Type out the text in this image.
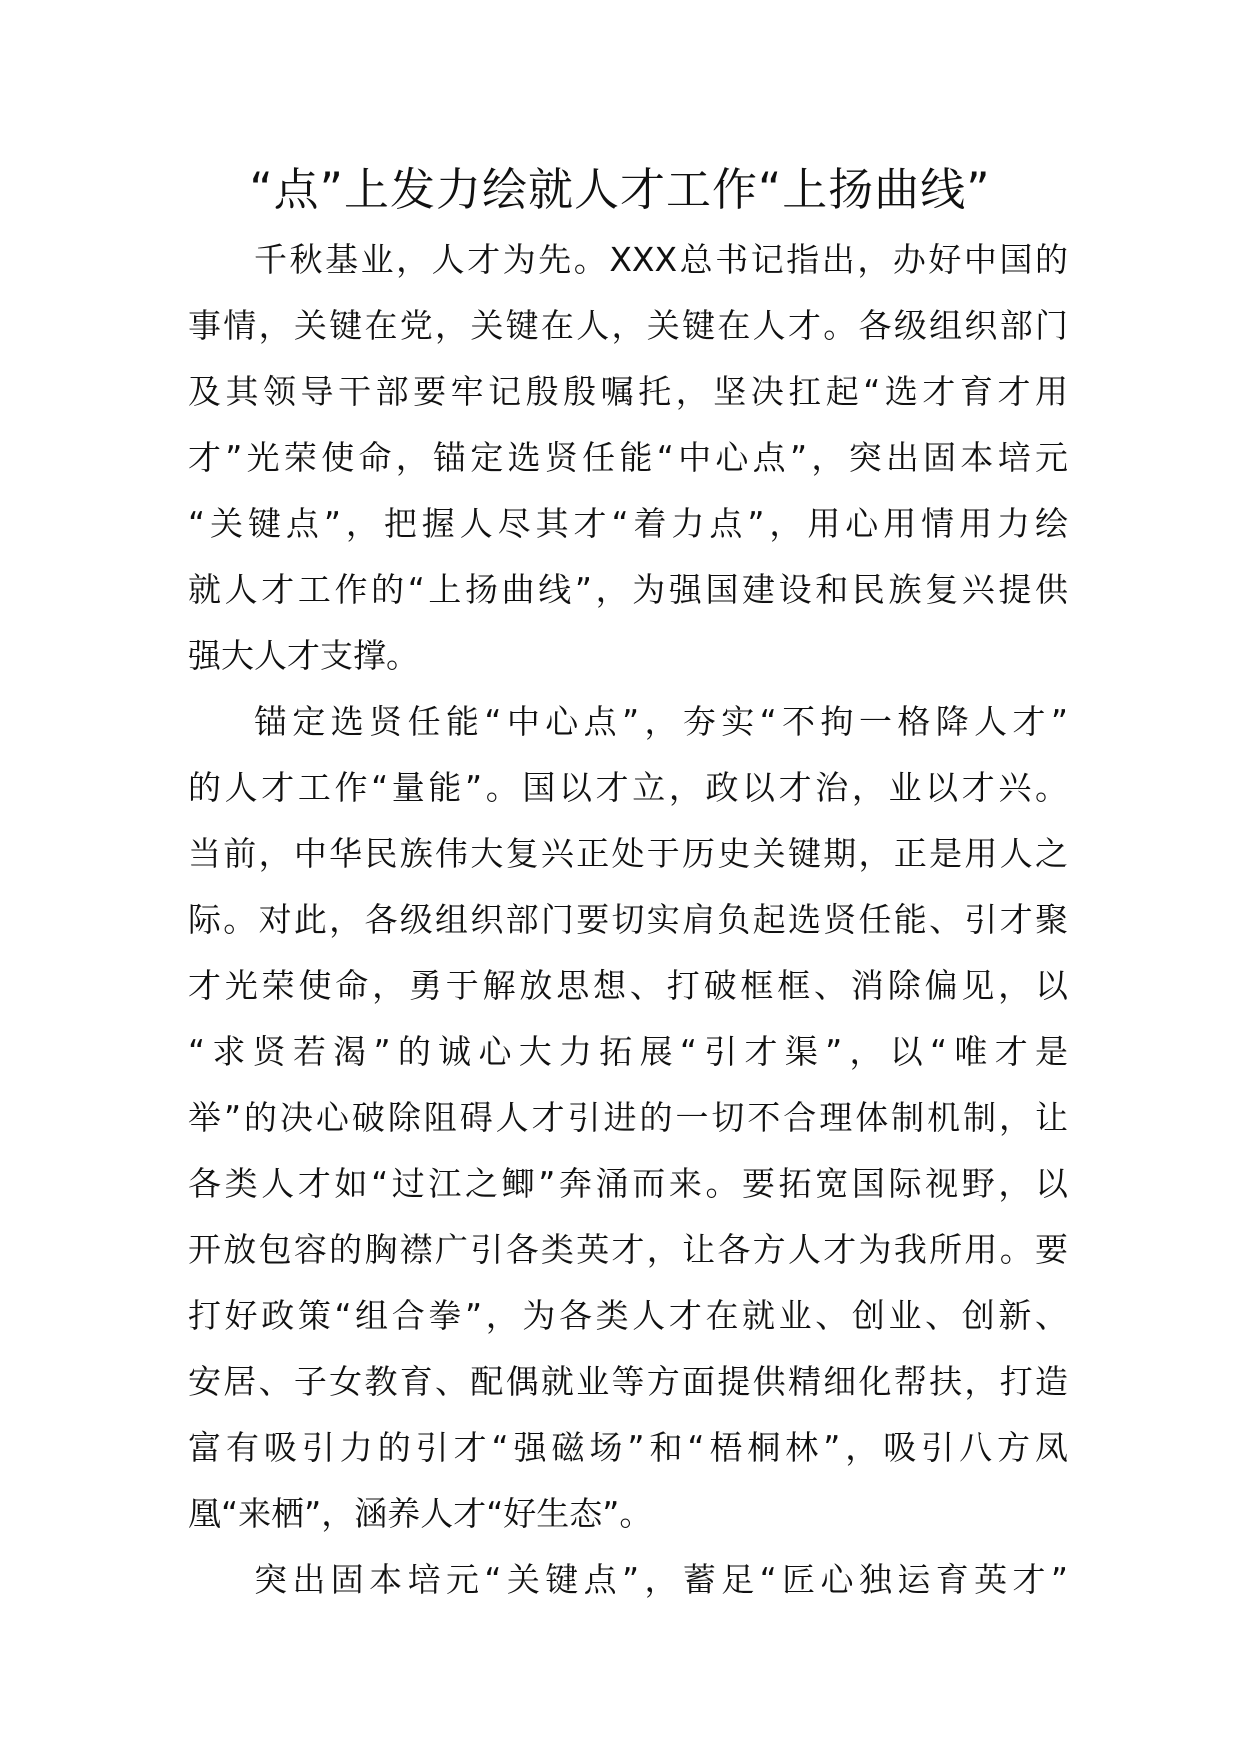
“点”上发力绘就人才工作“上扬曲线”
千秋基业，人才为先。XXX总书记指出，办好中国的
事情，关键在党，关键在人，关键在人才。各级组织部门
及其领导干部要牢记殷殷嘱托，坚决扛起“选才育才用
才”光荣使命，锚定选贤任能“中心点”，突出固本培元
“关键点”，把握人尽其才“着力点”，用心用情用力绘
就人才工作的“上扬曲线”，为强国建设和民族复兴提供
强大人才支撑。
锚定选贤任能“中心点”，夯实“不拘一格降人才”
的人才工作“量能”。国以才立，政以才治，业以才兴。
当前，中华民族伟大复兴正处于历史关键期，正是用人之
际。对此，各级组织部门要切实肩负起选贤任能、引才聚
才光荣使命，勇于解放思想、打破框框、消除偏见，以
“求贤若渴”的诚心大力拓展“引才渠”，以“唯才是
举”的决心破除阻碍人才引进的一切不合理体制机制，让
各类人才如“过江之鲫”奔涌而来。要拓宽国际视野，以
开放包容的胸襟广引各类英才，让各方人才为我所用。要
打好政策“组合拳”，为各类人才在就业、创业、创新、
安居、子女教育、配偶就业等方面提供精细化帮扶，打造
富有吸引力的引才“强磁场”和“梧桐林”，吸引八方凤
凰“来栖”，涵养人才“好生态”。
突出固本培元“关键点”，蓄足“匠心独运育英才”
